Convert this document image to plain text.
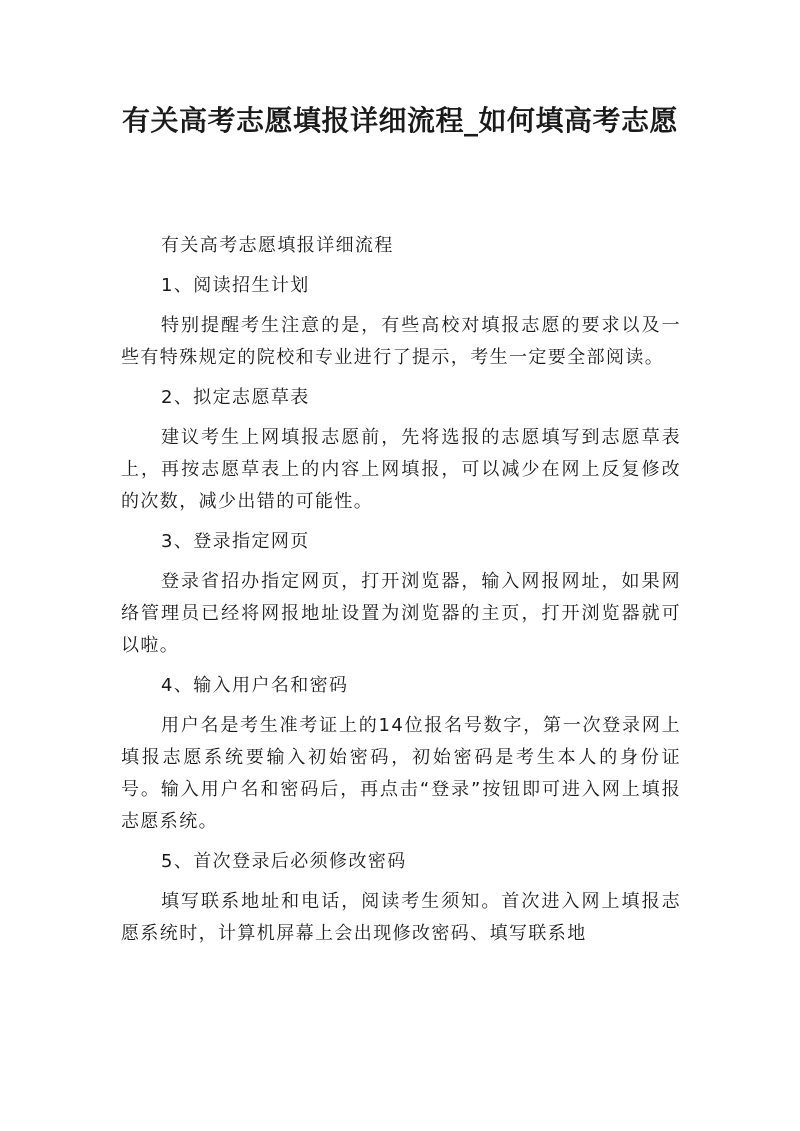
有关高考志愿填报详细流程_如何填高考志愿

有关高考志愿填报详细流程

1、阅读招生计划

特别提醒考生注意的是，有些高校对填报志愿的要求以及一些有特殊规定的院校和专业进行了提示，考生一定要全部阅读。

2、拟定志愿草表

建议考生上网填报志愿前，先将选报的志愿填写到志愿草表上，再按志愿草表上的内容上网填报，可以减少在网上反复修改的次数，减少出错的可能性。

3、登录指定网页

登录省招办指定网页，打开浏览器，输入网报网址，如果网络管理员已经将网报地址设置为浏览器的主页，打开浏览器就可以啦。

4、输入用户名和密码

用户名是考生准考证上的14位报名号数字，第一次登录网上填报志愿系统要输入初始密码，初始密码是考生本人的身份证号。输入用户名和密码后，再点击“登录”按钮即可进入网上填报志愿系统。

5、首次登录后必须修改密码

填写联系地址和电话，阅读考生须知。首次进入网上填报志愿系统时，计算机屏幕上会出现修改密码、填写联系地
